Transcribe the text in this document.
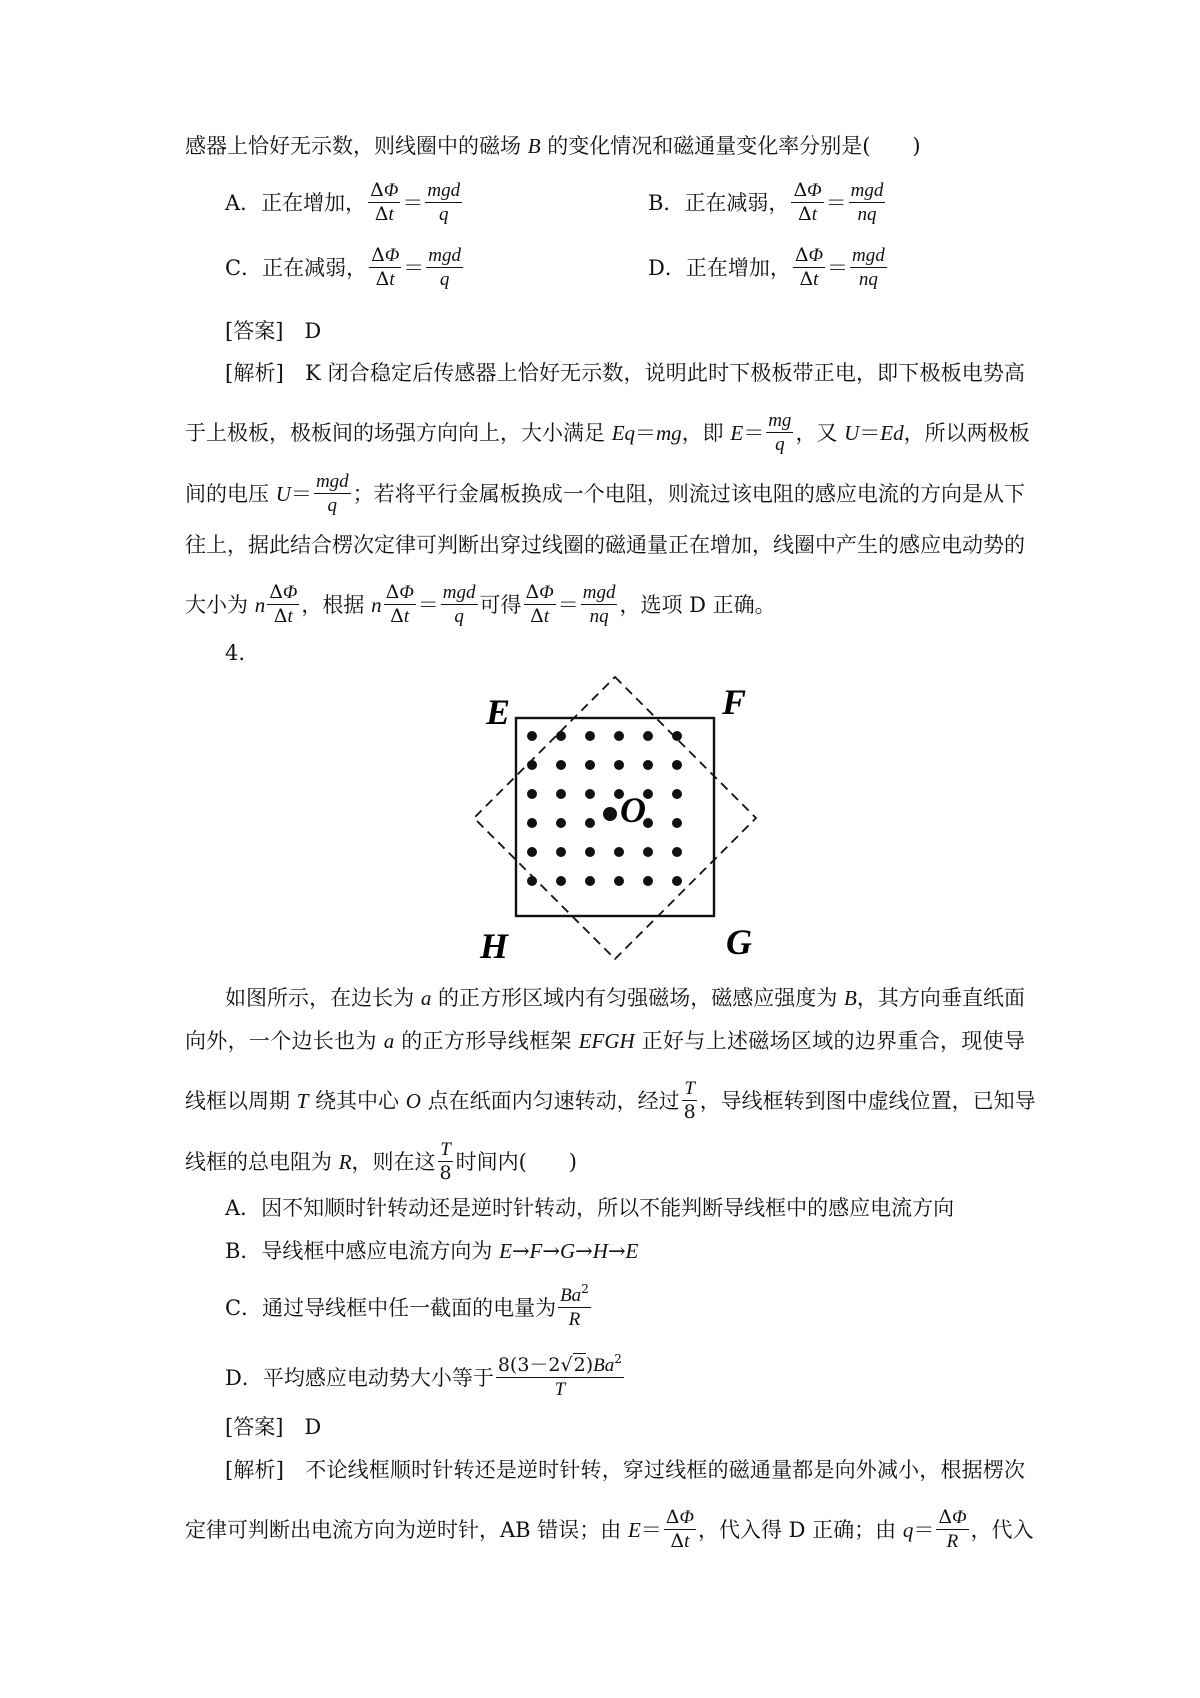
感器上恰好无示数，则线圈中的磁场 B 的变化情况和磁通量变化率分别是(　　)
A．正在增加， $\frac{\Delta\Phi}{\Delta t} = \frac{\text{mgd}}{q}$	B．正在减弱， $\frac{\Delta\Phi}{\Delta t} = \frac{\text{mgd}}{nq}$
C．正在减弱， $\frac{\Delta\Phi}{\Delta t} = \frac{\text{mgd}}{q}$	D．正在增加， $\frac{\Delta\Phi}{\Delta t} = \frac{\text{mgd}}{nq}$
[答案]　 D
[解析]　K 闭合稳定后传感器上恰好无示数，说明此时下极板带正电，即下极板电势高
于上极板，极板间的场强方向向上，大小满足 Eq＝mg，即 $E= \frac{mg}{q}$ ，又 U＝Ed，所以两极板
间的电压 $U= \frac{\text{mgd}}{q}$ ；若将平行金属板换成一个电阻，则流过该电阻的感应电流的方向是从下
往上，据此结合楞次定律可判断出穿过线圈的磁通量正在增加，线圈中产生的感应电动势的
大小为 n $\frac{\Delta\Phi}{\Delta t}$ ，根据 n $\frac{\Delta\Phi}{\Delta t} = \frac{\text{mgd}}{q}$ 可得 $\frac{\Delta\Phi}{\Delta t} = \frac{\text{mgd}}{nq}$ ，选项 D 正确。
4.
E	F
G
H
O
如图所示，在边长为 a 的正方形区域内有匀强磁场，磁感应强度为 B，其方向垂直纸面
向外，一个边长也为 a 的正方形导线框架 EFGH 正好与上述磁场区域的边界重合，现使导
线框以周期 T 绕其中心 O 点在纸面内匀速转动，经过 $\frac{T}{8}$ ，导线框转到图中虚线位置，已知导
线框的总电阻为 R，则在这 $\frac{T}{8}$ 时间内(　　)
A．因不知顺时针转动还是逆时针转动，所以不能判断导线框中的感应电流方向
B．导线框中感应电流方向为 E→F→G→H→E
C．通过导线框中任一截面的电量为 $\frac{Ba^2}{R}$
D．平均感应电动势大小等于 $\frac{8(3-2√2)Ba^2}{T}$
[答案]　 D
[解析]　不论线框顺时针转还是逆时针转，穿过线框的磁通量都是向外减小，根据楞次
定律可判断出电流方向为逆时针，AB 错误；由 $E= \frac{\Delta\Phi}{\Delta t}$ ，代入得 D 正确；由 $q= \frac{\Delta\Phi}{R}$ ，代入
